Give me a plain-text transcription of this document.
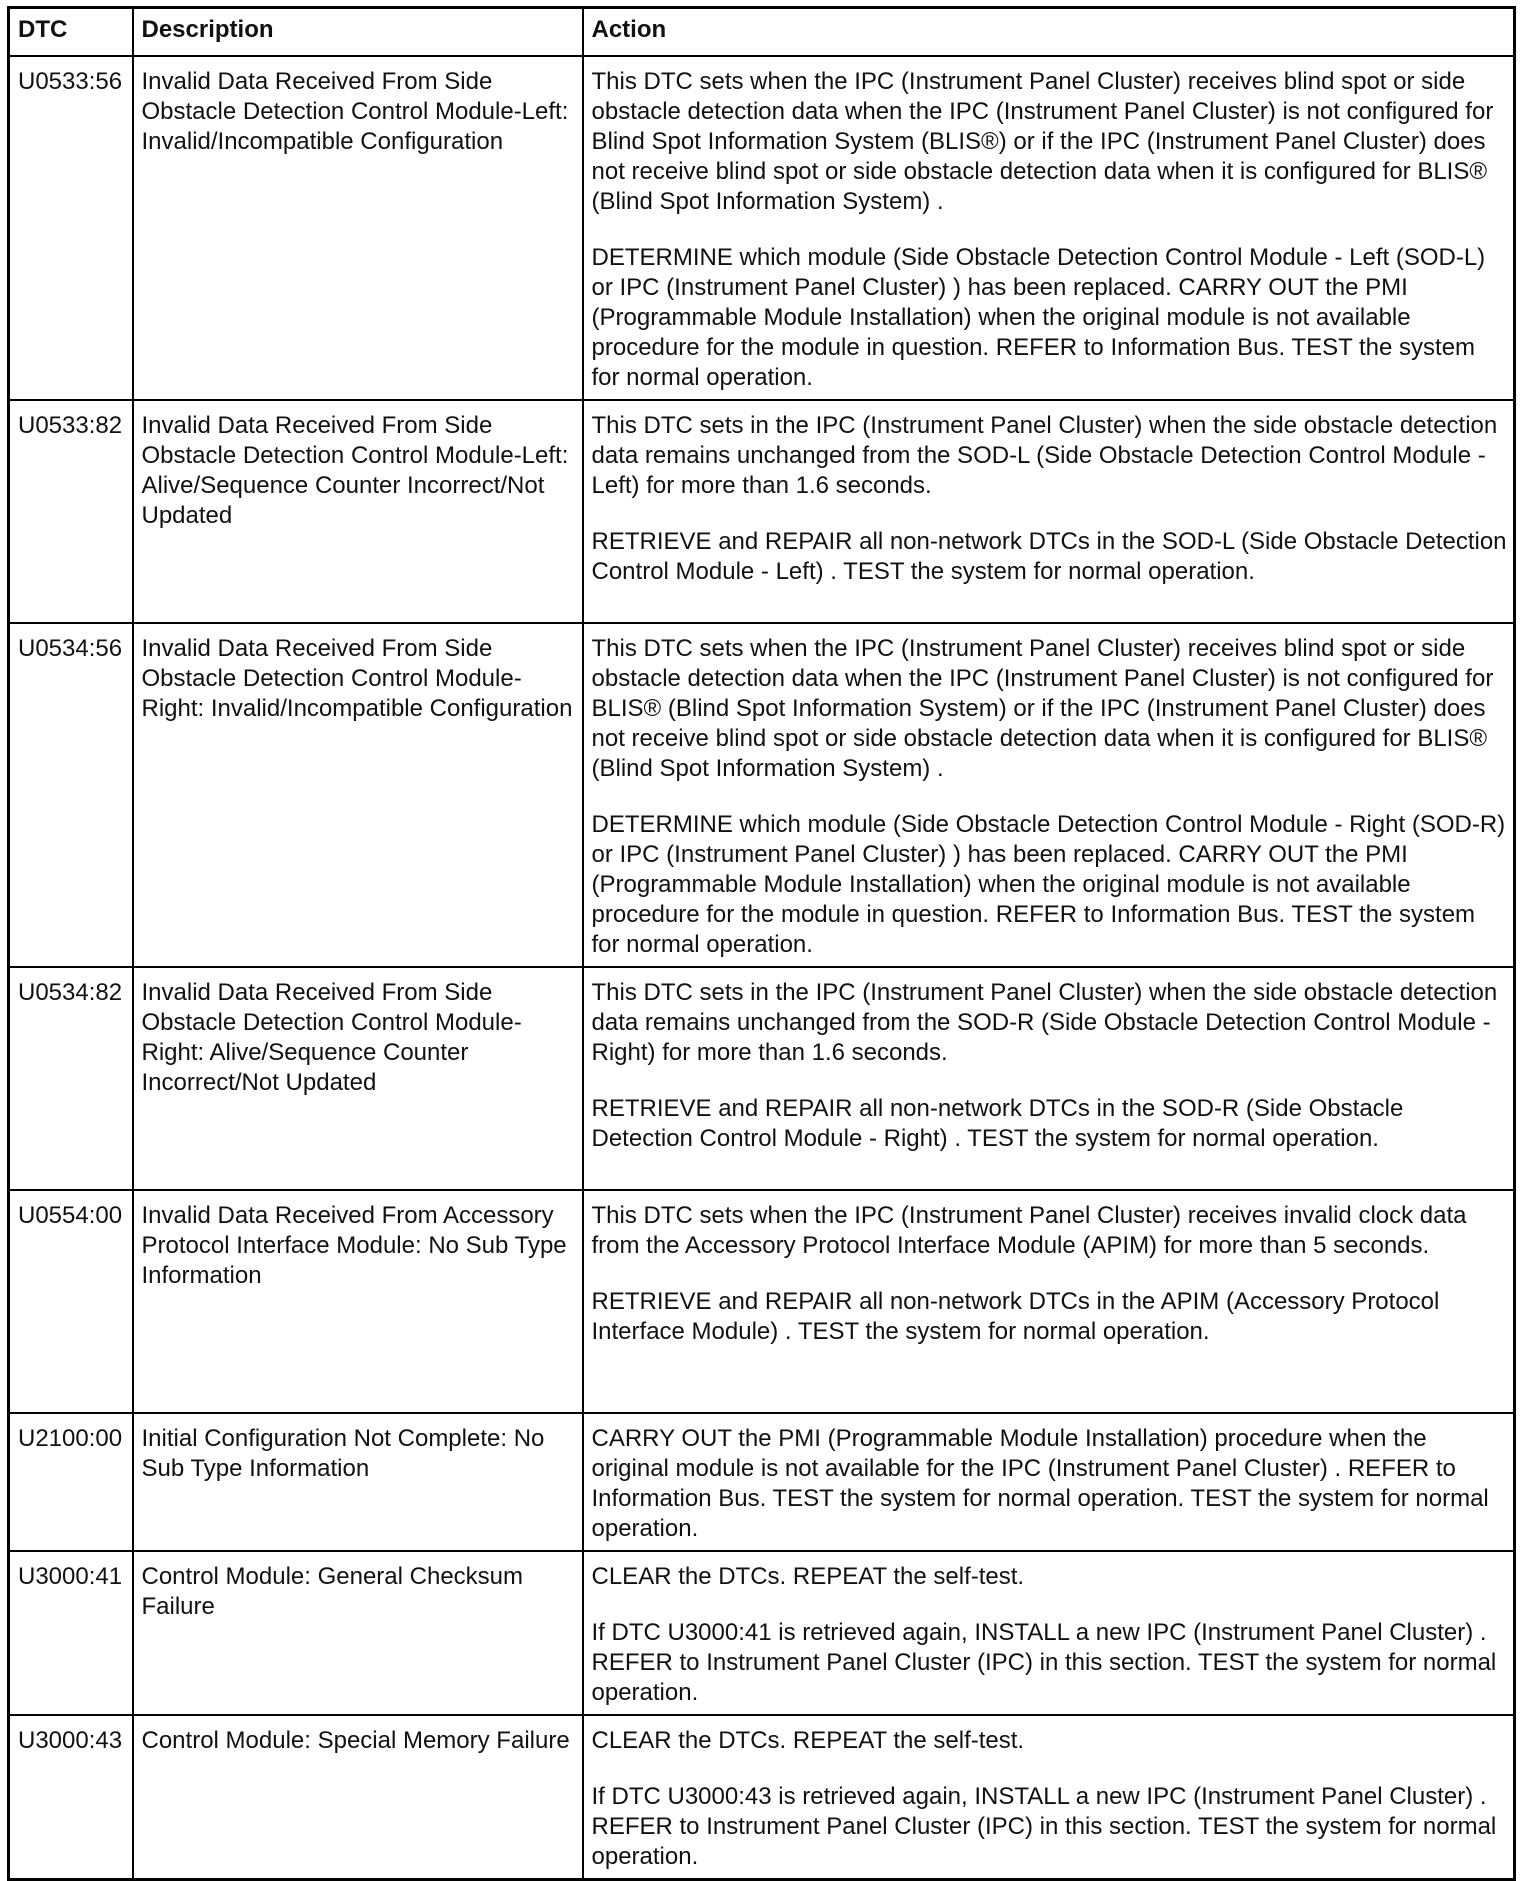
DTC	Description	Action
U0533:56	Invalid Data Received From Side Obstacle Detection Control Module-Left: Invalid/Incompatible Configuration	This DTC sets when the IPC (Instrument Panel Cluster) receives blind spot or side obstacle detection data when the IPC (Instrument Panel Cluster) is not configured for Blind Spot Information System (BLIS®) or if the IPC (Instrument Panel Cluster) does not receive blind spot or side obstacle detection data when it is configured for BLIS® (Blind Spot Information System) .

DETERMINE which module (Side Obstacle Detection Control Module - Left (SOD-L) or IPC (Instrument Panel Cluster) ) has been replaced. CARRY OUT the PMI (Programmable Module Installation) when the original module is not available procedure for the module in question. REFER to Information Bus. TEST the system for normal operation.

U0533:82	Invalid Data Received From Side Obstacle Detection Control Module-Left: Alive/Sequence Counter Incorrect/Not Updated	This DTC sets in the IPC (Instrument Panel Cluster) when the side obstacle detection data remains unchanged from the SOD-L (Side Obstacle Detection Control Module - Left) for more than 1.6 seconds.

RETRIEVE and REPAIR all non-network DTCs in the SOD-L (Side Obstacle Detection Control Module - Left) . TEST the system for normal operation.

U0534:56	Invalid Data Received From Side Obstacle Detection Control Module-Right: Invalid/Incompatible Configuration	This DTC sets when the IPC (Instrument Panel Cluster) receives blind spot or side obstacle detection data when the IPC (Instrument Panel Cluster) is not configured for BLIS® (Blind Spot Information System) or if the IPC (Instrument Panel Cluster) does not receive blind spot or side obstacle detection data when it is configured for BLIS® (Blind Spot Information System) .

DETERMINE which module (Side Obstacle Detection Control Module - Right (SOD-R) or IPC (Instrument Panel Cluster) ) has been replaced. CARRY OUT the PMI (Programmable Module Installation) when the original module is not available procedure for the module in question. REFER to Information Bus. TEST the system for normal operation.

U0534:82	Invalid Data Received From Side Obstacle Detection Control Module-Right: Alive/Sequence Counter Incorrect/Not Updated	This DTC sets in the IPC (Instrument Panel Cluster) when the side obstacle detection data remains unchanged from the SOD-R (Side Obstacle Detection Control Module - Right) for more than 1.6 seconds.

RETRIEVE and REPAIR all non-network DTCs in the SOD-R (Side Obstacle Detection Control Module - Right) . TEST the system for normal operation.

U0554:00	Invalid Data Received From Accessory Protocol Interface Module: No Sub Type Information	This DTC sets when the IPC (Instrument Panel Cluster) receives invalid clock data from the Accessory Protocol Interface Module (APIM) for more than 5 seconds.

RETRIEVE and REPAIR all non-network DTCs in the APIM (Accessory Protocol Interface Module) . TEST the system for normal operation.

U2100:00	Initial Configuration Not Complete: No Sub Type Information	CARRY OUT the PMI (Programmable Module Installation) procedure when the original module is not available for the IPC (Instrument Panel Cluster) . REFER to Information Bus. TEST the system for normal operation. TEST the system for normal operation.

U3000:41	Control Module: General Checksum Failure	CLEAR the DTCs. REPEAT the self-test.

If DTC U3000:41 is retrieved again, INSTALL a new IPC (Instrument Panel Cluster) . REFER to Instrument Panel Cluster (IPC) in this section. TEST the system for normal operation.

U3000:43	Control Module: Special Memory Failure	CLEAR the DTCs. REPEAT the self-test.

If DTC U3000:43 is retrieved again, INSTALL a new IPC (Instrument Panel Cluster) . REFER to Instrument Panel Cluster (IPC) in this section. TEST the system for normal operation.
